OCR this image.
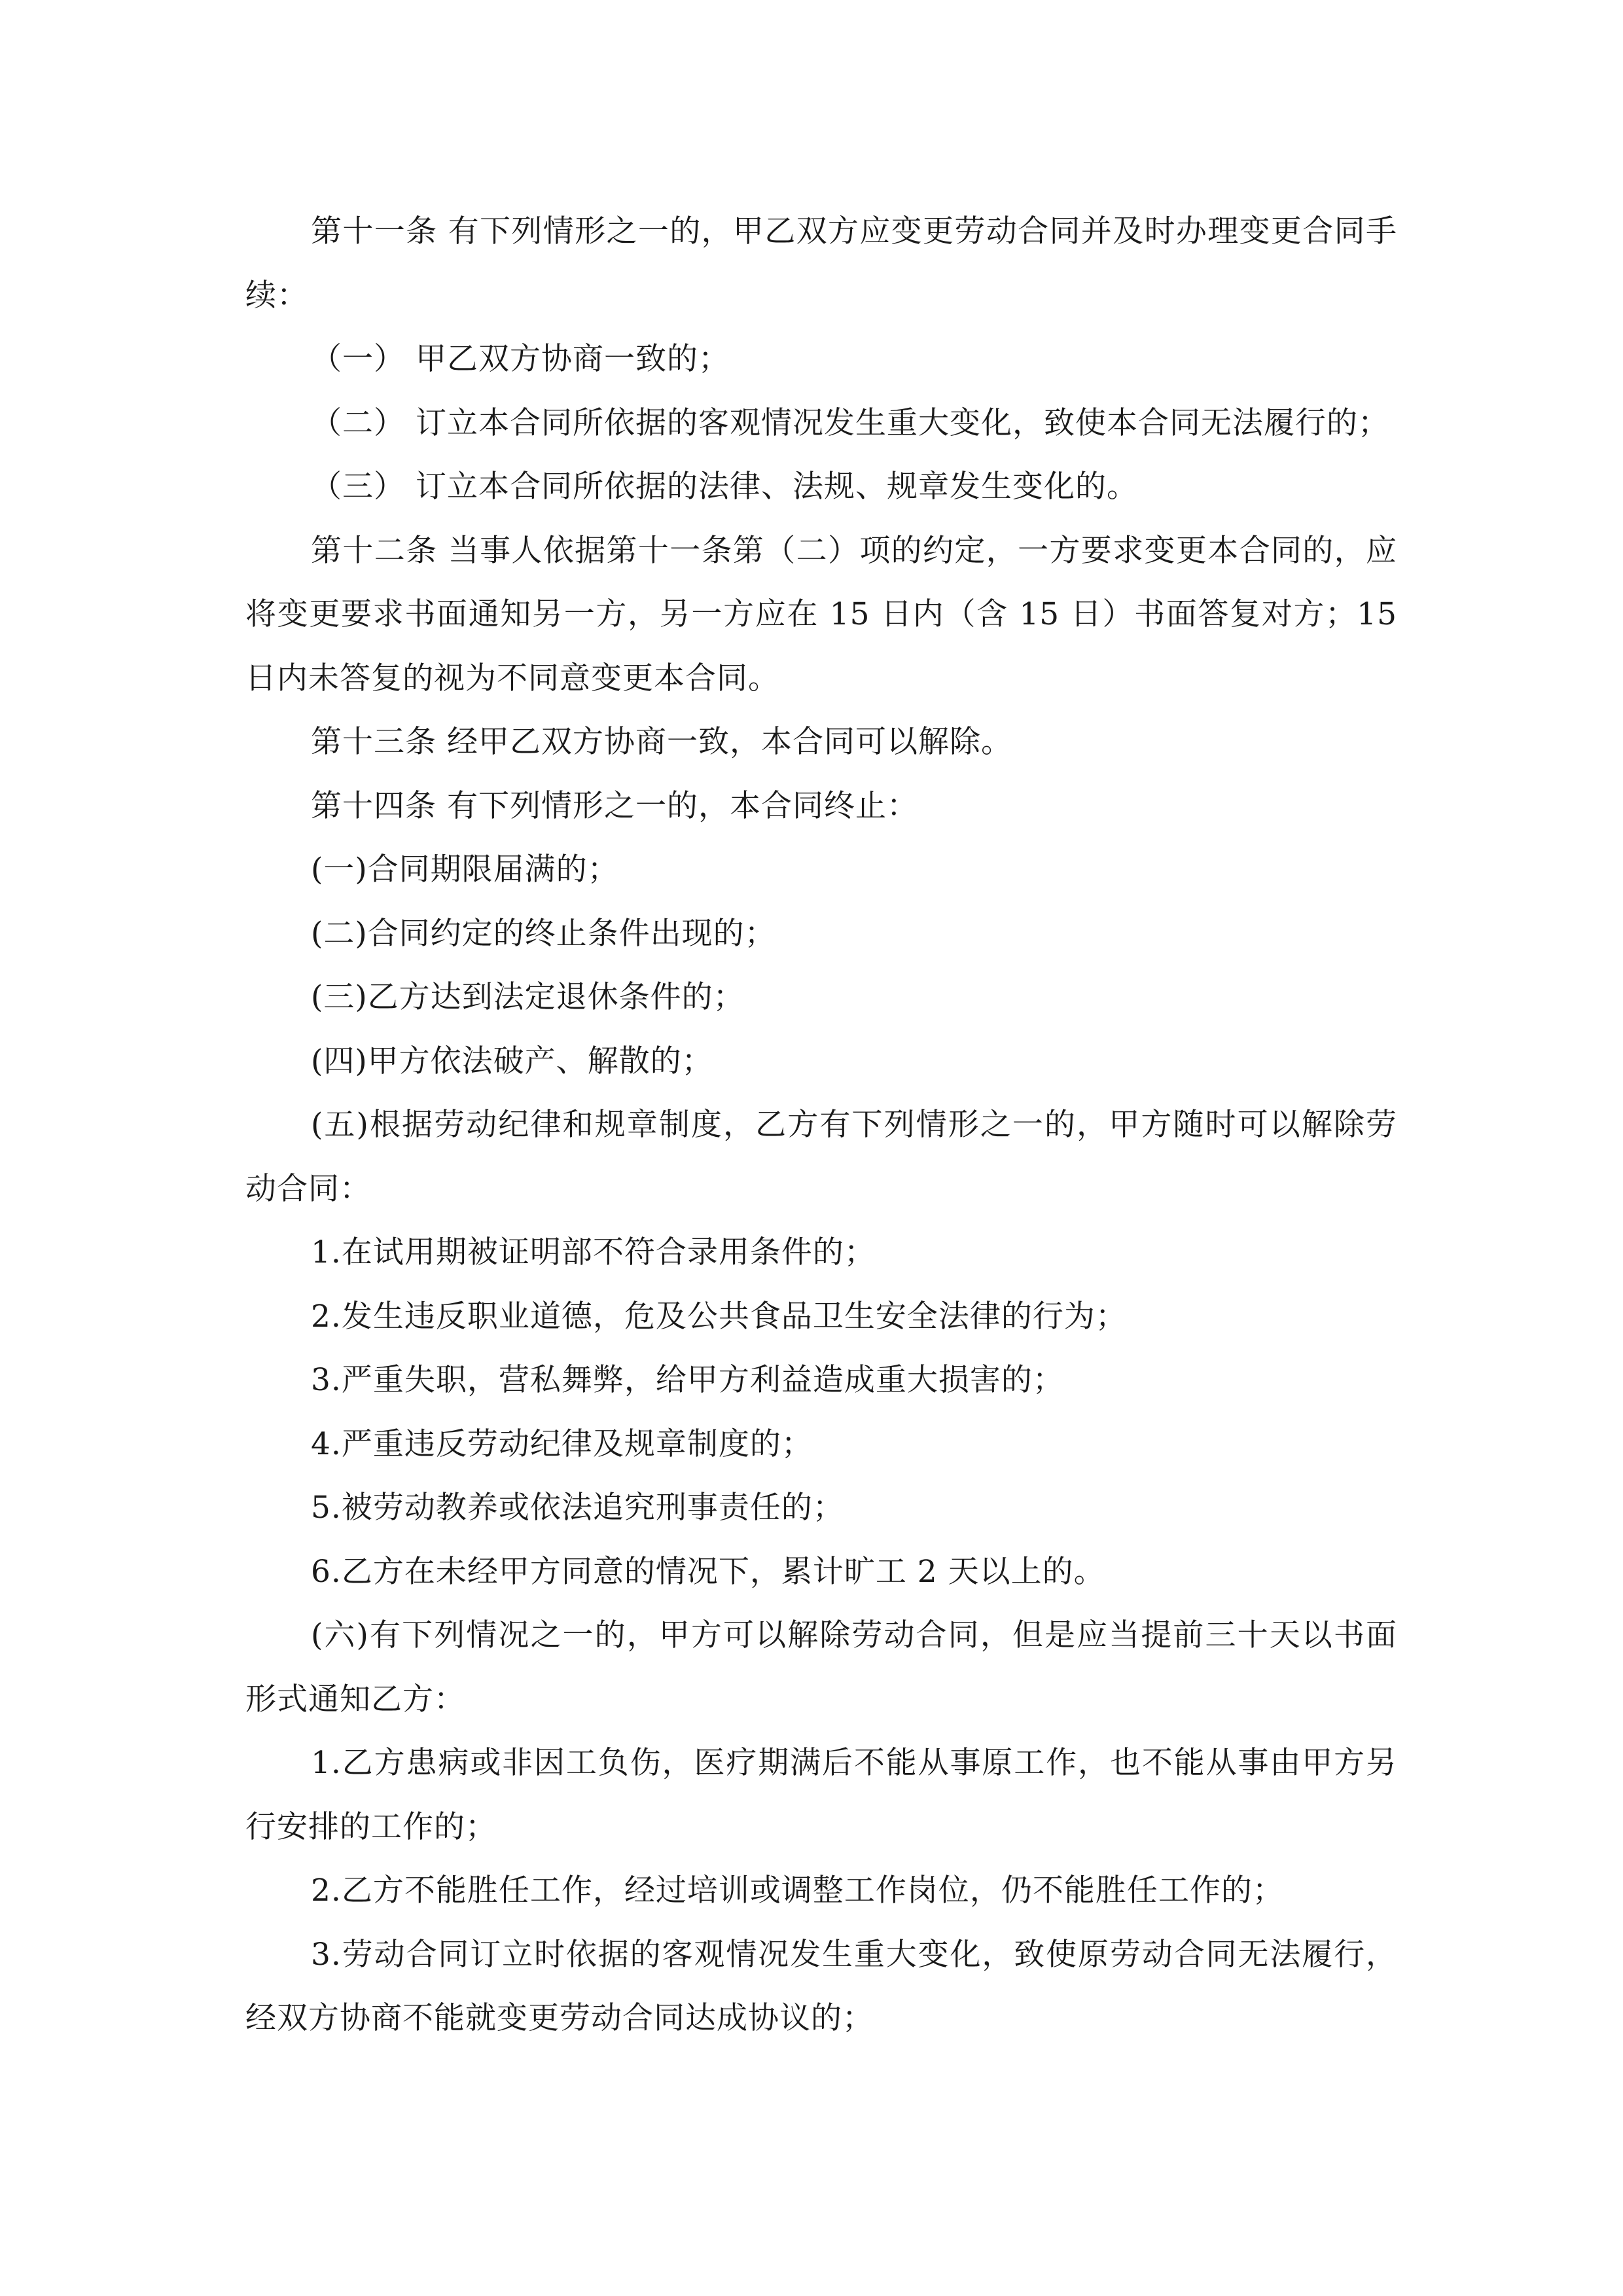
第十一条 有下列情形之一的，甲乙双方应变更劳动合同并及时办理变更合同手续：

（一） 甲乙双方协商一致的；

（二） 订立本合同所依据的客观情况发生重大变化，致使本合同无法履行的；

（三） 订立本合同所依据的法律、法规、规章发生变化的。

第十二条 当事人依据第十一条第（二）项的约定，一方要求变更本合同的，应将变更要求书面通知另一方，另一方应在 15 日内（含 15 日）书面答复对方；15 日内未答复的视为不同意变更本合同。

第十三条 经甲乙双方协商一致，本合同可以解除。

第十四条 有下列情形之一的，本合同终止：

(一)合同期限届满的；

(二)合同约定的终止条件出现的；

(三)乙方达到法定退休条件的；

(四)甲方依法破产、解散的；

(五)根据劳动纪律和规章制度，乙方有下列情形之一的，甲方随时可以解除劳动合同：

1.在试用期被证明部不符合录用条件的；

2.发生违反职业道德，危及公共食品卫生安全法律的行为；

3.严重失职，营私舞弊，给甲方利益造成重大损害的；

4.严重违反劳动纪律及规章制度的；

5.被劳动教养或依法追究刑事责任的；

6.乙方在未经甲方同意的情况下，累计旷工 2 天以上的。

(六)有下列情况之一的，甲方可以解除劳动合同，但是应当提前三十天以书面形式通知乙方：

1.乙方患病或非因工负伤，医疗期满后不能从事原工作，也不能从事由甲方另行安排的工作的；

2.乙方不能胜任工作，经过培训或调整工作岗位，仍不能胜任工作的；

3.劳动合同订立时依据的客观情况发生重大变化，致使原劳动合同无法履行，经双方协商不能就变更劳动合同达成协议的；
